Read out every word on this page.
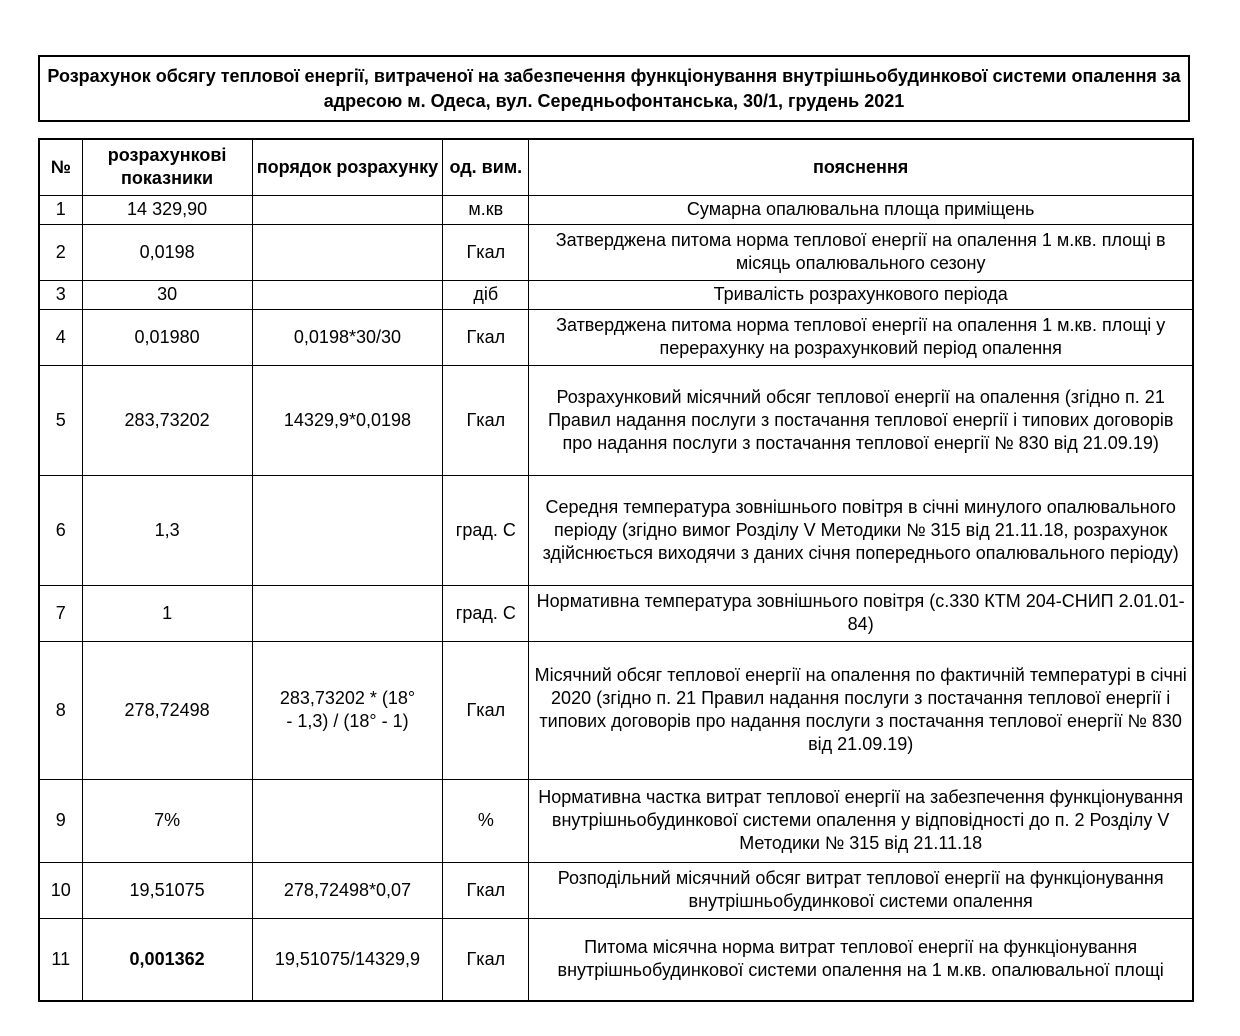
Розрахунок обсягу теплової енергії, витраченої на забезпечення функціонування внутрішньобудинкової системи опалення за адресою м. Одеса, вул. Середньофонтанська, 30/1, грудень 2021
№	розрахункові показники	порядок розрахунку	од. вим.	пояснення
1	14 329,90		м.кв	Сумарна опалювальна площа приміщень
2	0,0198		Гкал	Затверджена питома норма теплової енергії на опалення 1 м.кв. площі в місяць опалювального сезону
3	30		діб	Тривалість розрахункового періода
4	0,01980	0,0198*30/30	Гкал	Затверджена питома норма теплової енергії на опалення 1 м.кв. площі у перерахунку на розрахунковий період опалення
5	283,73202	14329,9*0,0198	Гкал	Розрахунковий місячний обсяг теплової енергії на опалення (згідно п. 21 Правил надання послуги з постачання теплової енергії і типових договорів про надання послуги з постачання теплової енергії № 830 від 21.09.19)
6	1,3		град. С	Середня температура зовнішнього повітря в січні минулого опалювального періоду (згідно вимог Розділу V Методики № 315 від 21.11.18, розрахунок здійснюється виходячи з даних січня попереднього опалювального періоду)
7	1		град. С	Нормативна температура зовнішнього повітря (с.330 КТМ 204-СНИП 2.01.01-84)
8	278,72498	283,73202 * (18° - 1,3) / (18° - 1)	Гкал	Місячний обсяг теплової енергії на опалення по фактичній температурі в січні 2020 (згідно п. 21 Правил надання послуги з постачання теплової енергії і типових договорів про надання послуги з постачання теплової енергії № 830 від 21.09.19)
9	7%		%	Нормативна частка витрат теплової енергії на забезпечення функціонування внутрішньобудинкової системи опалення у відповідності до п. 2 Розділу V Методики № 315 від 21.11.18
10	19,51075	278,72498*0,07	Гкал	Розподільний місячний обсяг витрат теплової енергії на функціонування внутрішньобудинкової системи опалення
11	0,001362	19,51075/14329,9	Гкал	Питома місячна норма витрат теплової енергії на функціонування внутрішньобудинкової системи опалення на 1 м.кв. опалювальної площі
